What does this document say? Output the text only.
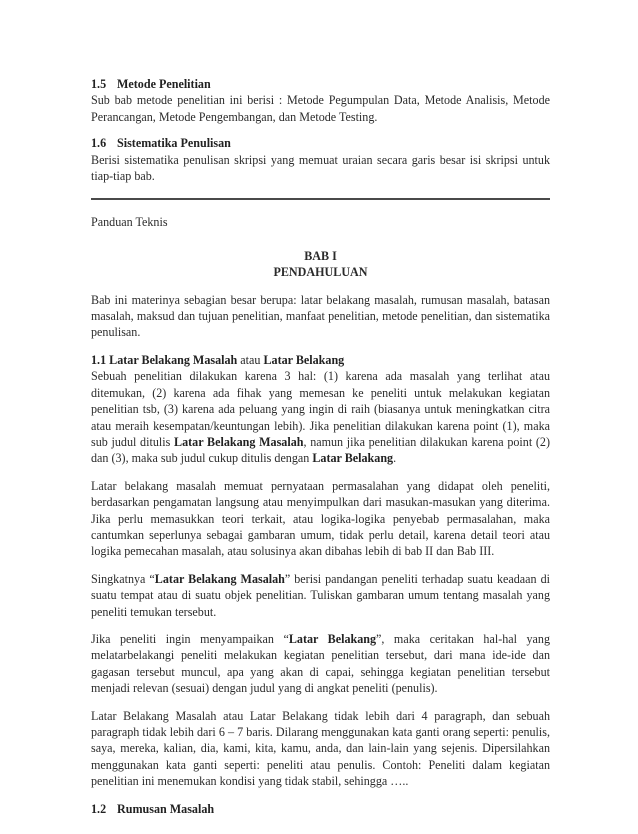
1.5 Metode Penelitian

Sub bab metode penelitian ini berisi : Metode Pegumpulan Data, Metode Analisis, Metode Perancangan, Metode Pengembangan, dan Metode Testing.

1.6 Sistematika Penulisan

Berisi sistematika penulisan skripsi yang memuat uraian secara garis besar isi skripsi untuk tiap-tiap bab.

Panduan Teknis

BAB I

PENDAHULUAN

Bab ini materinya sebagian besar berupa: latar belakang masalah, rumusan masalah, batasan masalah, maksud dan tujuan penelitian, manfaat penelitian, metode penelitian, dan sistematika penulisan.

1.1 Latar Belakang Masalah atau Latar Belakang

Sebuah penelitian dilakukan karena 3 hal: (1) karena ada masalah yang terlihat atau ditemukan, (2) karena ada fihak yang memesan ke peneliti untuk melakukan kegiatan penelitian tsb, (3) karena ada peluang yang ingin di raih (biasanya untuk meningkatkan citra atau meraih kesempatan/keuntungan lebih). Jika penelitian dilakukan karena point (1), maka sub judul ditulis Latar Belakang Masalah, namun jika penelitian dilakukan karena point (2) dan (3), maka sub judul cukup ditulis dengan Latar Belakang.

Latar belakang masalah memuat pernyataan permasalahan yang didapat oleh peneliti, berdasarkan pengamatan langsung atau menyimpulkan dari masukan-masukan yang diterima. Jika perlu memasukkan teori terkait, atau logika-logika penyebab permasalahan, maka cantumkan seperlunya sebagai gambaran umum, tidak perlu detail, karena detail teori atau logika pemecahan masalah, atau solusinya akan dibahas lebih di bab II dan Bab III.

Singkatnya “Latar Belakang Masalah” berisi pandangan peneliti terhadap suatu keadaan di suatu tempat atau di suatu objek penelitian. Tuliskan gambaran umum tentang masalah yang peneliti temukan tersebut.

Jika peneliti ingin menyampaikan “Latar Belakang”, maka ceritakan hal-hal yang melatarbelakangi peneliti melakukan kegiatan penelitian tersebut, dari mana ide-ide dan gagasan tersebut muncul, apa yang akan di capai, sehingga kegiatan penelitian tersebut menjadi relevan (sesuai) dengan judul yang di angkat peneliti (penulis).

Latar Belakang Masalah atau Latar Belakang tidak lebih dari 4 paragraph, dan sebuah paragraph tidak lebih dari 6 – 7 baris. Dilarang menggunakan kata ganti orang seperti: penulis, saya, mereka, kalian, dia, kami, kita, kamu, anda, dan lain-lain yang sejenis. Dipersilahkan menggunakan kata ganti seperti: peneliti atau penulis. Contoh: Peneliti dalam kegiatan penelitian ini menemukan kondisi yang tidak stabil, sehingga …..

1.2 Rumusan Masalah
